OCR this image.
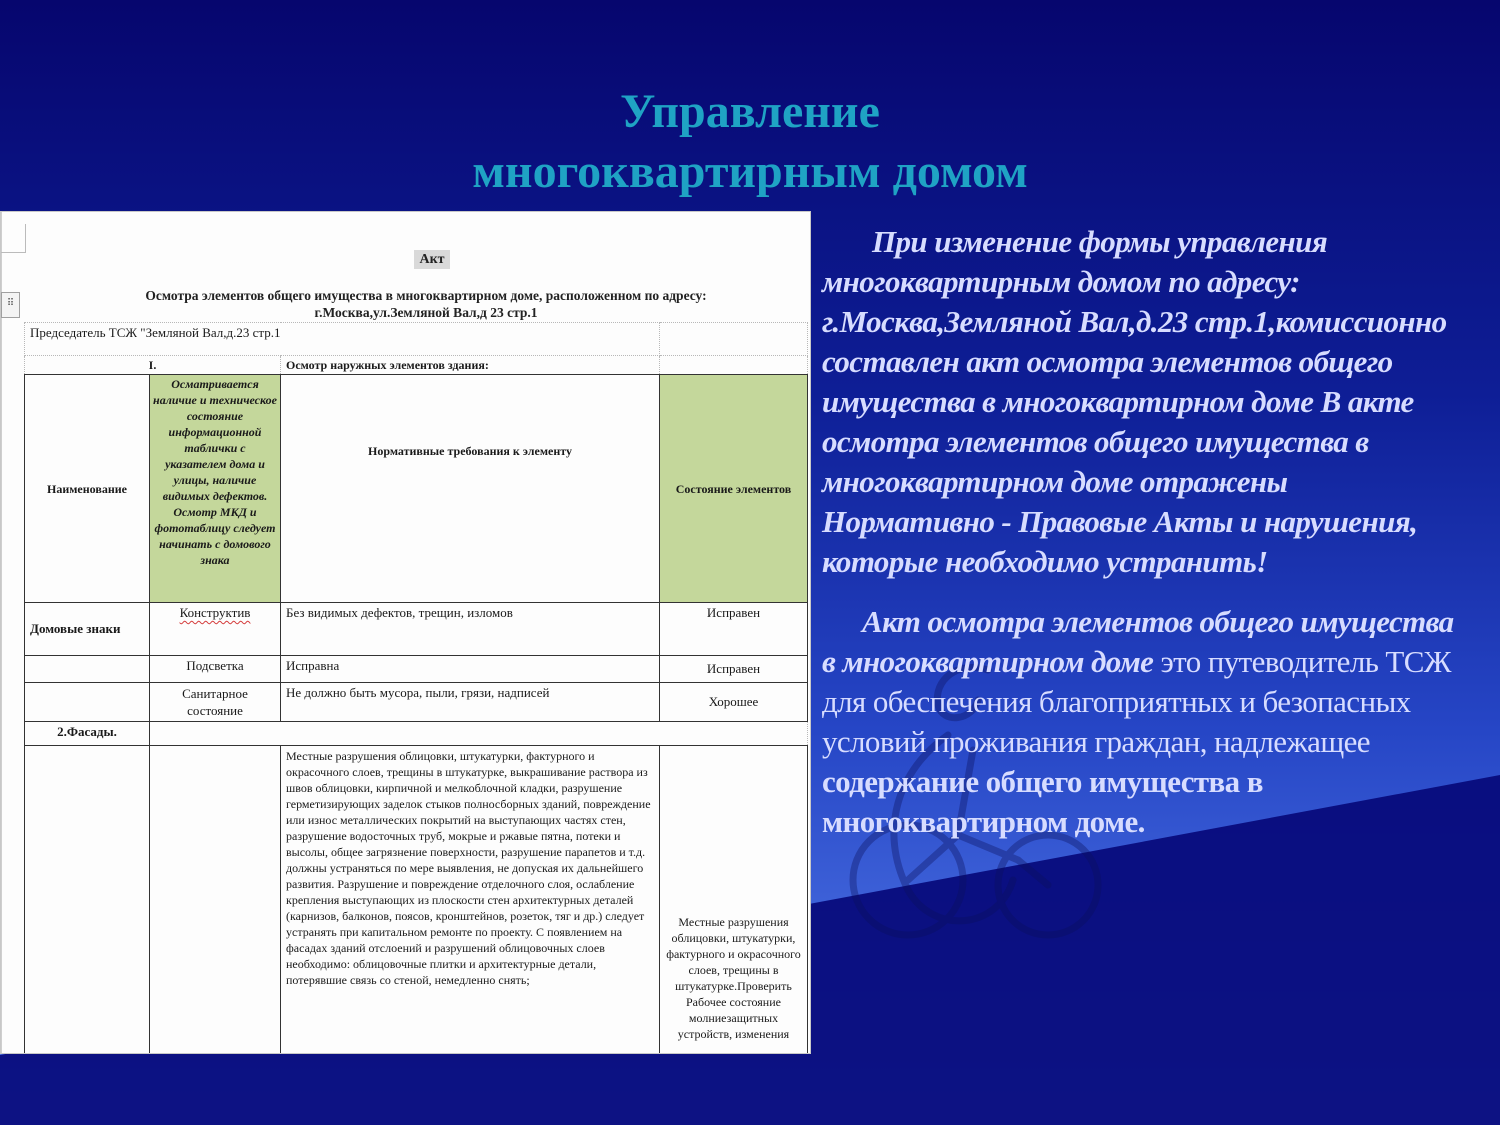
Управление
многоквартирным домом
⠿
Акт
Осмотра элементов общего имущества в многоквартирном доме, расположенном по адресу:
г.Москва,ул.Земляной Вал,д 23 стр.1
Председатель ТСЖ "Земляной Вал,д.23 стр.1			
I.		Осмотр наружных элементов здания:	
Наименование	Осматривается наличие и техническое состояние информационной таблички с указателем дома и улицы, наличие видимых дефектов. Осмотр МКД и фототаблицу следует начинать с домового знака	Нормативные требования к элементу	Состояние элементов
Домовые знаки	Конструктив	Без видимых дефектов, трещин, изломов	Исправен
	Подсветка	Исправна	Исправен
	Санитарное состояние	Не должно быть мусора, пыли, грязи, надписей	Хорошее
2.Фасады.			
		Местные разрушения облицовки, штукатурки, фактурного и окрасочного слоев, трещины в штукатурке, выкрашивание раствора из швов облицовки, кирпичной и мелкоблочной кладки, разрушение герметизирующих заделок стыков полносборных зданий, повреждение или износ металлических покрытий на выступающих частях стен, разрушение водосточных труб, мокрые и ржавые пятна, потеки и высолы, общее загрязнение поверхности, разрушение парапетов и т.д. должны устраняться по мере выявления, не допуская их дальнейшего развития. Разрушение и повреждение отделочного слоя, ослабление крепления выступающих из плоскости стен архитектурных деталей (карнизов, балконов, поясов, кронштейнов, розеток, тяг и др.) следует устранять при капитальном ремонте по проекту. С появлением на фасадах зданий отслоений и разрушений облицовочных слоев необходимо: облицовочные плитки и архитектурные детали, потерявшие связь со стеной, немедленно снять;	Местные разрушения облицовки, штукатурки, фактурного и окрасочного слоев, трещины в штукатурке.Проверить Рабочее состояние молниезащитных устройств, изменения

При изменение формы управления многоквартирным домом по адресу: г.Москва,Земляной Вал,д.23 стр.1,комиссионно составлен акт осмотра элементов общего имущества в многоквартирном доме В акте осмотра элементов общего имущества в многоквартирном доме отражены Нормативно - Правовые Акты и нарушения, которые необходимо устранить!

Акт осмотра элементов общего имущества в многоквартирном доме это путеводитель ТСЖ для обеспечения благоприятных и безопасных условий проживания граждан, надлежащее содержание общего имущества в многоквартирном доме.
